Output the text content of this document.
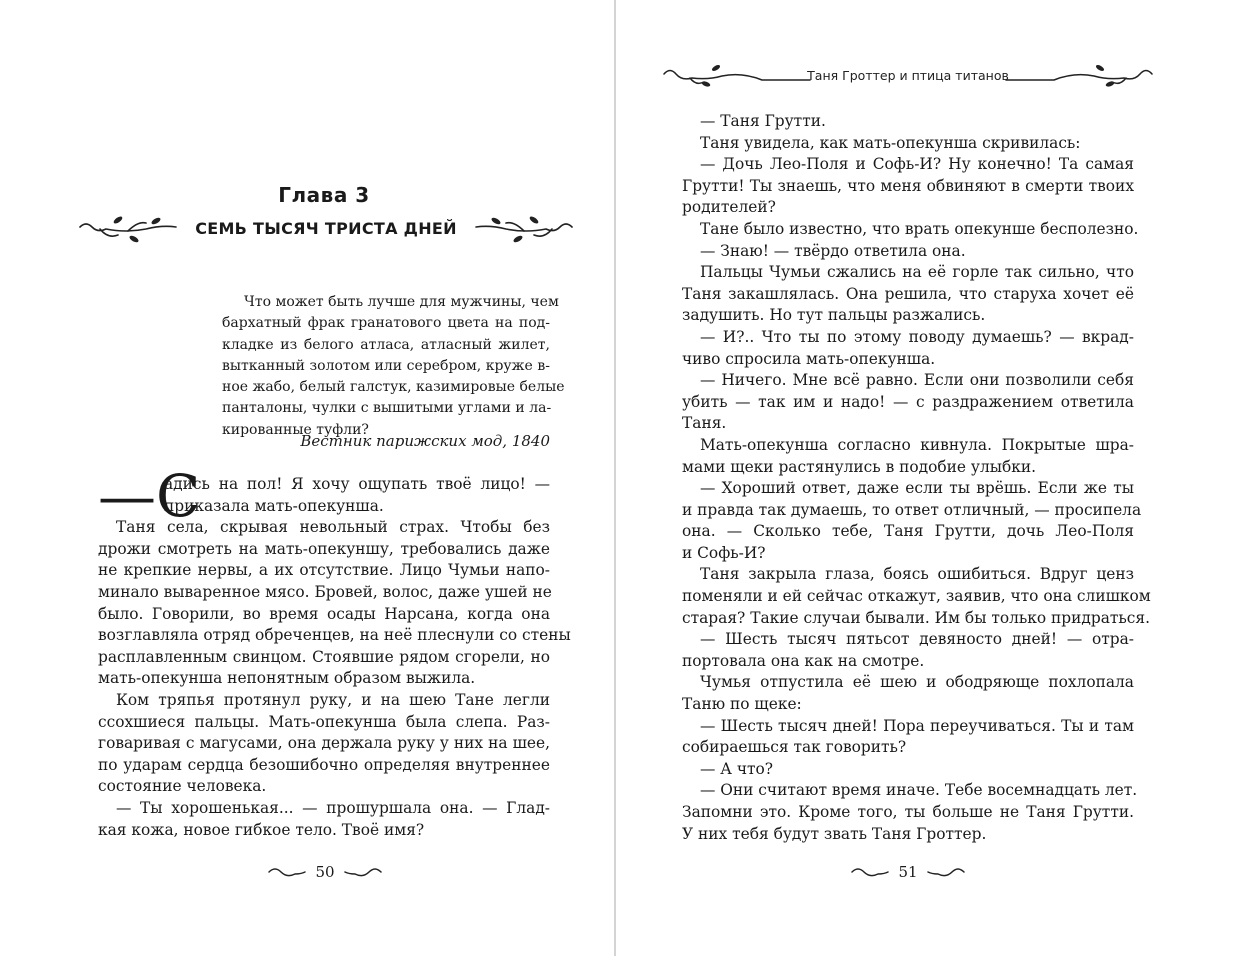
Глава 3
СЕМЬ ТЫСЯЧ ТРИСТА ДНЕЙ
Что может быть лучше для мужчины, чем
бархатный фрак гранатового цвета на под-
кладке из белого атласа, атласный жилет,
вытканный золотом или серебром, круже в-
ное жабо, белый галстук, казимировые белые
панталоны, чулки с вышитыми углами и ла-
кированные туфли?
Вестник парижских мод, 1840
—С
адись на пол! Я хочу ощупать твоё лицо! —
приказала мать-опекунша.
Таня села, скрывая невольный страх. Чтобы без
дрожи смотреть на мать-опекуншу, требовались даже
не крепкие нервы, а их отсутствие. Лицо Чумьи напо-
минало вываренное мясо. Бровей, волос, даже ушей не
было. Говорили, во время осады Нарсана, когда она
возглавляла отряд обреченцев, на неё плеснули со стены
расплавленным свинцом. Стоявшие рядом сгорели, но
мать-опекунша непонятным образом выжила.
Ком тряпья протянул руку, и на шею Тане легли
ссохшиеся пальцы. Мать-опекунша была слепа. Раз-
говаривая с магусами, она держала руку у них на шее,
по ударам сердца безошибочно определяя внутреннее
состояние человека.
— Ты хорошенькая... — прошуршала она. — Глад-
кая кожа, новое гибкое тело. Твоё имя?
50
Таня Гроттер и птица титанов
— Таня Грутти.
Таня увидела, как мать-опекунша скривилась:
— Дочь Лео-Поля и Софь-И? Ну конечно! Та самая
Грутти! Ты знаешь, что меня обвиняют в смерти твоих
родителей?
Тане было известно, что врать опекунше бесполезно.
— Знаю! — твёрдо ответила она.
Пальцы Чумьи сжались на её горле так сильно, что
Таня закашлялась. Она решила, что старуха хочет её
задушить. Но тут пальцы разжались.
— И?.. Что ты по этому поводу думаешь? — вкрад-
чиво спросила мать-опекунша.
— Ничего. Мне всё равно. Если они позволили себя
убить — так им и надо! — с раздражением ответила
Таня.
Мать-опекунша согласно кивнула. Покрытые шра-
мами щеки растянулись в подобие улыбки.
— Хороший ответ, даже если ты врёшь. Если же ты
и правда так думаешь, то ответ отличный, — просипела
она. — Сколько тебе, Таня Грутти, дочь Лео-Поля
и Софь-И?
Таня закрыла глаза, боясь ошибиться. Вдруг ценз
поменяли и ей сейчас откажут, заявив, что она слишком
старая? Такие случаи бывали. Им бы только придраться.
— Шесть тысяч пятьсот девяносто дней! — отра-
портовала она как на смотре.
Чумья отпустила её шею и ободряюще похлопала
Таню по щеке:
— Шесть тысяч дней! Пора переучиваться. Ты и там
собираешься так говорить?
— А что?
— Они считают время иначе. Тебе восемнадцать лет.
Запомни это. Кроме того, ты больше не Таня Грутти.
У них тебя будут звать Таня Гроттер.
51
